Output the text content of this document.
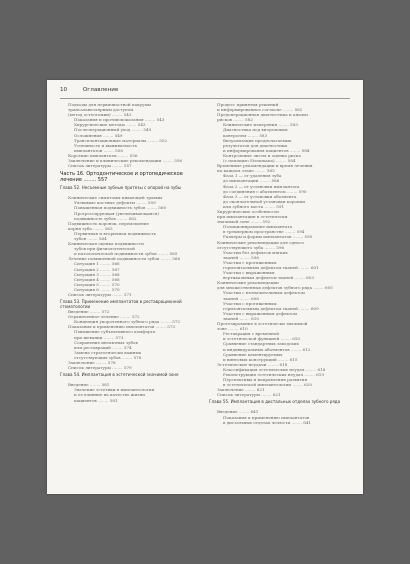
10	Оглавление
Подходы для первичностной пакуумы
трансальвеолярным доступом
(метод остеотомии) ........ 543
Показания и противопоказания ........ 543
Хирургические методы ........ 543
Послеоперационный уход ........ 549
Осложнения ........ 549
Трансплантационные материалы ........ 552
Успешность и выживаемость
имплантатов ........ 556
Короткие имплантаты ........ 556
Заключение и клинические рекомендации ........ 556
Список литературы ........ 557
Часть 16. Ортодонтическое и ортопедическое лечение ........ 557
Глава 52. Несъемные зубные протезы с опорой на зубы
Клинические симптомы пикающей травмы
Уязвимые костные дефекты ........ 559
Повышенная подвижность зубов ........ 560
Прогрессирующая (увеличивающаяся)
подвижность зубов ........ 562
Подвижность коронок, перемещение
корня зуба ........ 563
Первичная и вторичная подвижность
зубов ........ 564
Клиническая оценка подвижности
зубов при физиологической
и патологической подвижности зубов ........ 565
Лечение повышенной подвижности зубов ........ 566
Ситуация 1 ........ 566
Ситуация 2 ........ 567
Ситуация 3 ........ 568
Ситуация 4 ........ 568
Ситуация 5 ........ 570
Ситуация 6 ........ 570
Список литературы ........ 571
Глава 53. Применение имплантатов в реставрационной стоматологии
Введение ........ 572
Ограниченное лечение ........ 572
Концепция укороченного зубного ряда ........ 572
Показания к применению имплантатов ........ 573
Повышение субъективного комфорта
при жевании ........ 573
Сохранение интактных зубов
или реставраций ........ 574
Замена стратегически важных
отсутствующих зубов ........ 576
Заключение ........ 578
Список литературы ........ 579
Глава 54. Имплантация в эстетической значимой зоне
Введение ........ 581
Значение эстетики в имплантологии
и ее влияние на качество жизни
пациентов ........ 581
Процесс принятия решений
и информированное согласие ........ 582
Предоперационная диагностика и анализ
рисков ........ 582
Клинические измерения ........ 583
Диагностика под визуальным
контролем ........ 583
Визуализация предполагаемых
результатов для диагностики
и информирования пациентов ........ 584
Контрольные листы и оценка риска
(с помощью Straumann) ........ 584
Временные рекомендации и время лечения
на каждом этапе ........ 585
Фаза 1 — от удаления зуба
до имплантации ........ 586
Фаза 2 — от установки имплантата
до соединения с абатментом ........ 590
Фаза 3 — от установки абатмента
до окончательной установки коронки
или зубного моста ........ 591
Хирургические особенности
при имплантации в эстетически
значимой зоне ........ 592
Позиционирование имплантата
в трехмерном пространстве ........ 594
Размеры и формы имплантатов ........ 595
Клинические рекомендации для одного
отсутствующего зуба ........ 596
Участки без дефектов мягких
тканей ........ 596
Участки с протяженным
горизонтальным дефектом тканей ........ 601
Участки с выраженным
вертикальным дефектом тканей ........ 603
Клинические рекомендации
для множественных дефектов зубного ряда ........ 605
Участки с незначительным дефектом
тканей ........ 606
Участки с протяженным
горизонтальным дефектом тканей ........ 609
Участки с выраженным дефектом
тканей ........ 610
Протезирование в эстетически значимой
зоне ........ 610
Реставрация с временной
и эстетической функцией ........ 610
Сравнение стандартных заводских
и индивидуальных абатментов ........ 612
Сравнение цементируемых
и винтовых конструкций ........ 615
Эстетические неудачи ........ 618
Классификация эстетических неудач ........ 618
Реконструкция эстетических неудач ........ 619
Перспективы и направления развития
в эстетической имплантологии ........ 620
Заключение ........ 621
Список литературы ........ 621
Глава 55. Имплантация в дистальных отделах зубного ряда
Введение ........ 641
Показания к применению имплантатов
в дистальных отделах челюсти ........ 641
